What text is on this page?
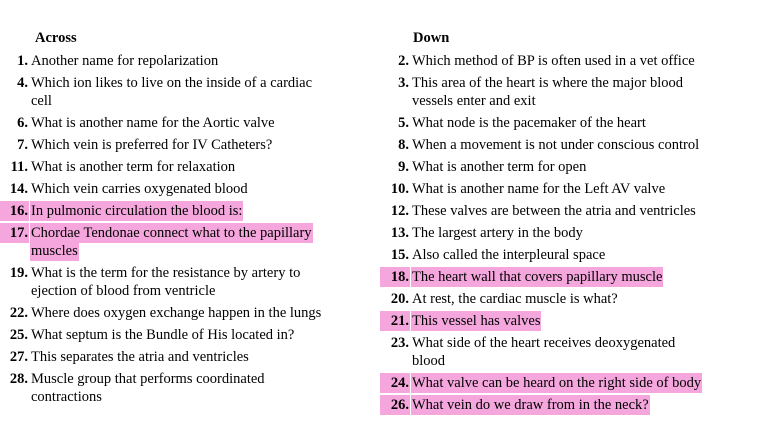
Across
1. Another name for repolarization
4. Which ion likes to live on the inside of a cardiac
cell
6. What is another name for the Aortic valve
7. Which vein is preferred for IV Catheters?
11. What is another term for relaxation
14. Which vein carries oxygenated blood
16. In pulmonic circulation the blood is:
17. Chordae Tendonae connect what to the papillary
muscles
19. What is the term for the resistance by artery to
ejection of blood from ventricle
22. Where does oxygen exchange happen in the lungs
25. What septum is the Bundle of His located in?
27. This separates the atria and ventricles
28. Muscle group that performs coordinated
contractions
Down
2. Which method of BP is often used in a vet office
3. This area of the heart is where the major blood
vessels enter and exit
5. What node is the pacemaker of the heart
8. When a movement is not under conscious control
9. What is another term for open
10. What is another name for the Left AV valve
12. These valves are between the atria and ventricles
13. The largest artery in the body
15. Also called the interpleural space
18. The heart wall that covers papillary muscle
20. At rest, the cardiac muscle is what?
21. This vessel has valves
23. What side of the heart receives deoxygenated
blood
24. What valve can be heard on the right side of body
26. What vein do we draw from in the neck?
